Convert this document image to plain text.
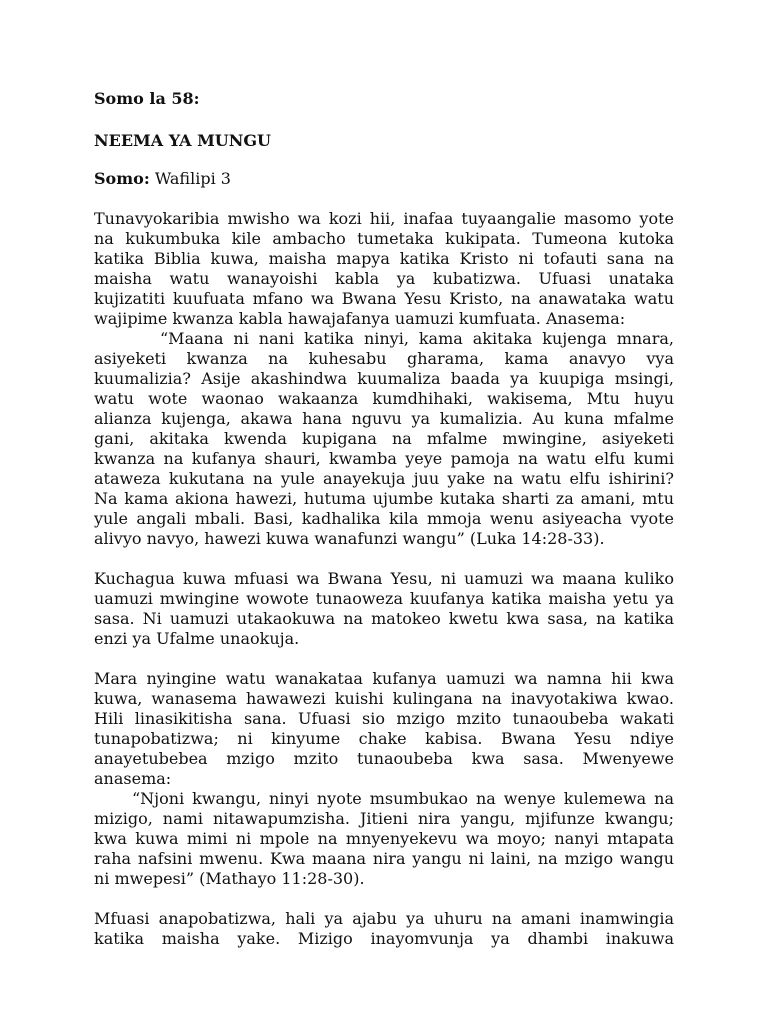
Somo la 58:
NEEMA YA MUNGU
Somo: Wafilipi 3
Tunavyokaribia mwisho wa kozi hii, inafaa tuyaangalie masomo yote
na kukumbuka kile ambacho tumetaka kukipata. Tumeona kutoka
katika Biblia kuwa, maisha mapya katika Kristo ni tofauti sana na
maisha watu wanayoishi kabla ya kubatizwa. Ufuasi unataka
kujizatiti kuufuata mfano wa Bwana Yesu Kristo, na anawataka watu
wajipime kwanza kabla hawajafanya uamuzi kumfuata. Anasema:
“Maana ni nani katika ninyi, kama akitaka kujenga mnara,
asiyeketi kwanza na kuhesabu gharama, kama anavyo vya
kuumalizia? Asije akashindwa kuumaliza baada ya kuupiga msingi,
watu wote waonao wakaanza kumdhihaki, wakisema, Mtu huyu
alianza kujenga, akawa hana nguvu ya kumalizia. Au kuna mfalme
gani, akitaka kwenda kupigana na mfalme mwingine, asiyeketi
kwanza na kufanya shauri, kwamba yeye pamoja na watu elfu kumi
ataweza kukutana na yule anayekuja juu yake na watu elfu ishirini?
Na kama akiona hawezi, hutuma ujumbe kutaka sharti za amani, mtu
yule angali mbali. Basi, kadhalika kila mmoja wenu asiyeacha vyote
alivyo navyo, hawezi kuwa wanafunzi wangu” (Luka 14:28-33).
Kuchagua kuwa mfuasi wa Bwana Yesu, ni uamuzi wa maana kuliko
uamuzi mwingine wowote tunaoweza kuufanya katika maisha yetu ya
sasa. Ni uamuzi utakaokuwa na matokeo kwetu kwa sasa, na katika
enzi ya Ufalme unaokuja.
Mara nyingine watu wanakataa kufanya uamuzi wa namna hii kwa
kuwa, wanasema hawawezi kuishi kulingana na inavyotakiwa kwao.
Hili linasikitisha sana. Ufuasi sio mzigo mzito tunaoubeba wakati
tunapobatizwa; ni kinyume chake kabisa. Bwana Yesu ndiye
anayetubebea mzigo mzito tunaoubeba kwa sasa. Mwenyewe
anasema:
“Njoni kwangu, ninyi nyote msumbukao na wenye kulemewa na
mizigo, nami nitawapumzisha. Jitieni nira yangu, mjifunze kwangu;
kwa kuwa mimi ni mpole na mnyenyekevu wa moyo; nanyi mtapata
raha nafsini mwenu. Kwa maana nira yangu ni laini, na mzigo wangu
ni mwepesi” (Mathayo 11:28-30).
Mfuasi anapobatizwa, hali ya ajabu ya uhuru na amani inamwingia
katika maisha yake. Mizigo inayomvunja ya dhambi inakuwa
